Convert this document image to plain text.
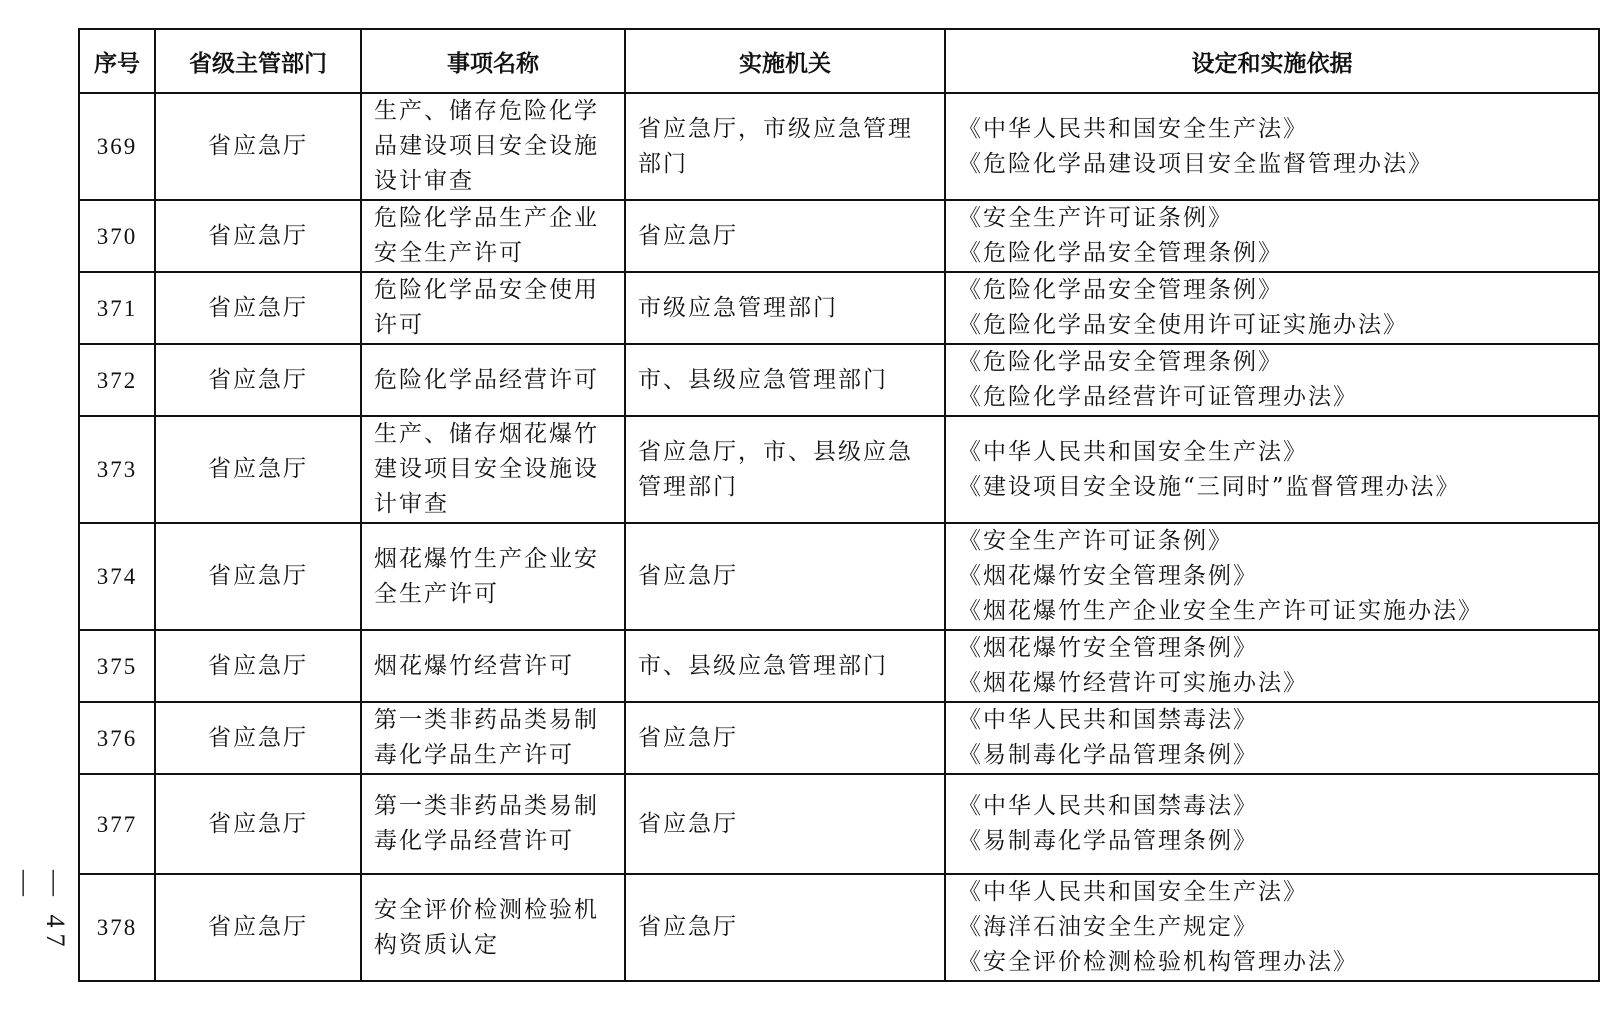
— 47 —
序号	省级主管部门	事项名称	实施机关	设定和实施依据
369	省应急厅	生产、储存危险化学品建设项目安全设施设计审查	省应急厅，市级应急管理部门	《中华人民共和国安全生产法》
《危险化学品建设项目安全监督管理办法》

370	省应急厅	危险化学品生产企业安全生产许可	省应急厅	《安全生产许可证条例》
《危险化学品安全管理条例》

371	省应急厅	危险化学品安全使用许可	市级应急管理部门	《危险化学品安全管理条例》
《危险化学品安全使用许可证实施办法》

372	省应急厅	危险化学品经营许可	市、县级应急管理部门	《危险化学品安全管理条例》
《危险化学品经营许可证管理办法》

373	省应急厅	生产、储存烟花爆竹建设项目安全设施设计审查	省应急厅，市、县级应急管理部门	《中华人民共和国安全生产法》
《建设项目安全设施“三同时”监督管理办法》

374	省应急厅	烟花爆竹生产企业安全生产许可	省应急厅	《安全生产许可证条例》
《烟花爆竹安全管理条例》
《烟花爆竹生产企业安全生产许可证实施办法》

375	省应急厅	烟花爆竹经营许可	市、县级应急管理部门	《烟花爆竹安全管理条例》
《烟花爆竹经营许可实施办法》

376	省应急厅	第一类非药品类易制毒化学品生产许可	省应急厅	《中华人民共和国禁毒法》
《易制毒化学品管理条例》

377	省应急厅	第一类非药品类易制毒化学品经营许可	省应急厅	《中华人民共和国禁毒法》
《易制毒化学品管理条例》

378	省应急厅	安全评价检测检验机构资质认定	省应急厅	《中华人民共和国安全生产法》
《海洋石油安全生产规定》
《安全评价检测检验机构管理办法》
